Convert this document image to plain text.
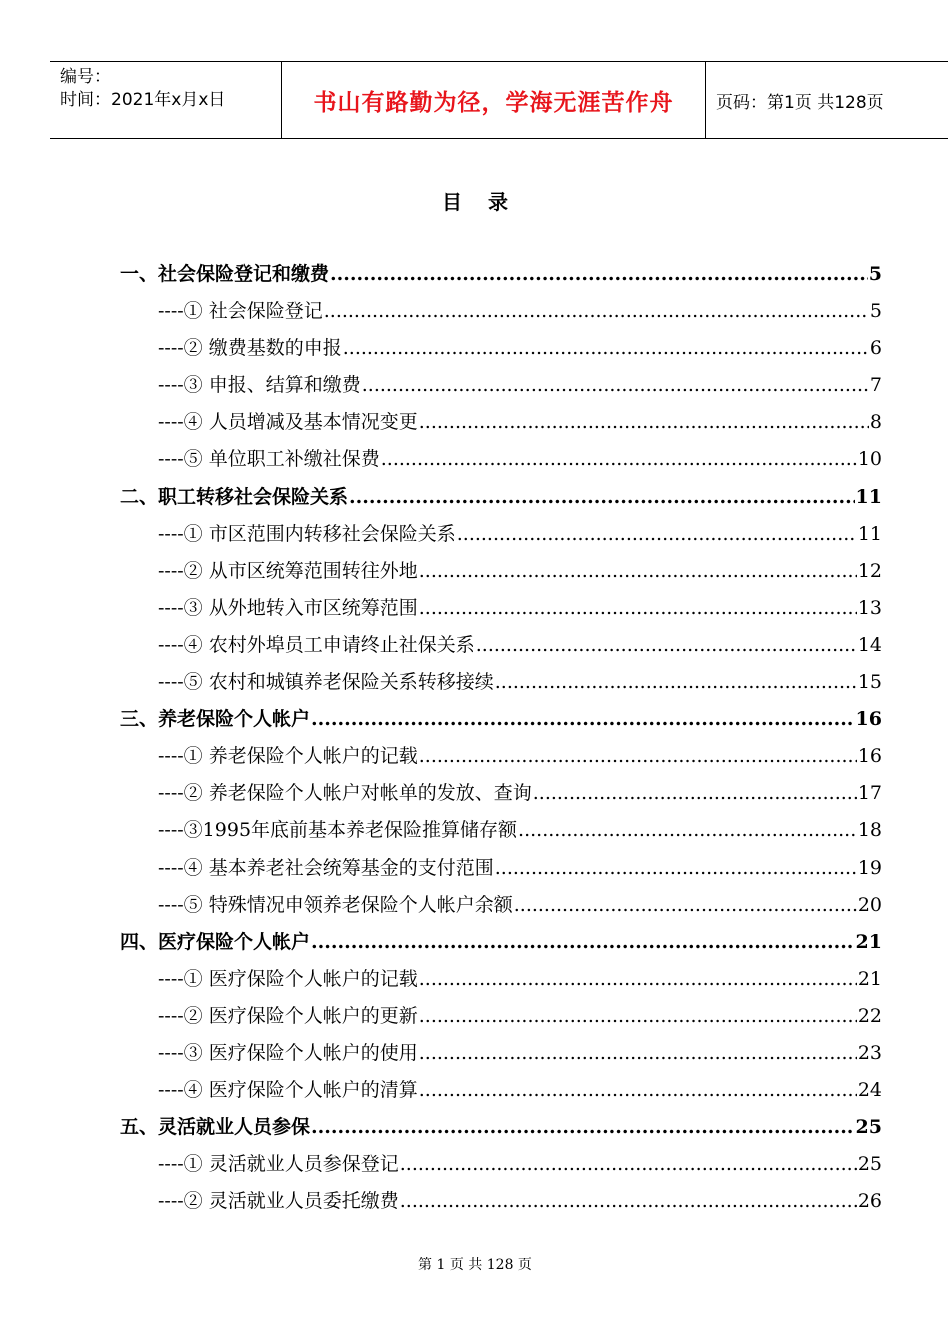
编号：
时间：2021年x月x日	书山有路勤为径，学海无涯苦作舟	页码：第1页 共128页
目录
一、社会保险登记和缴费 .....	5
----① 社会保险登记 .....	5
----② 缴费基数的申报 .....	6
----③ 申报、结算和缴费 .....	7
----④ 人员增减及基本情况变更 .....	8
----⑤ 单位职工补缴社保费 .....	10
二、职工转移社会保险关系 .....	11
----① 市区范围内转移社会保险关系 .....	11
----② 从市区统筹范围转往外地 .....	12
----③ 从外地转入市区统筹范围 .....	13
----④ 农村外埠员工申请终止社保关系 .....	14
----⑤ 农村和城镇养老保险关系转移接续 .....	15
三、养老保险个人帐户 .....	16
----① 养老保险个人帐户的记载 .....	16
----② 养老保险个人帐户对帐单的发放、查询 .....	17
----③1995年底前基本养老保险推算储存额 .....	18
----④ 基本养老社会统筹基金的支付范围 .....	19
----⑤ 特殊情况申领养老保险个人帐户余额 .....	20
四、医疗保险个人帐户 .....	21
----① 医疗保险个人帐户的记载 .....	21
----② 医疗保险个人帐户的更新 .....	22
----③ 医疗保险个人帐户的使用 .....	23
----④ 医疗保险个人帐户的清算 .....	24
五、灵活就业人员参保 .....	25
----① 灵活就业人员参保登记 .....	25
----② 灵活就业人员委托缴费 .....	26
第 1 页 共 128 页
